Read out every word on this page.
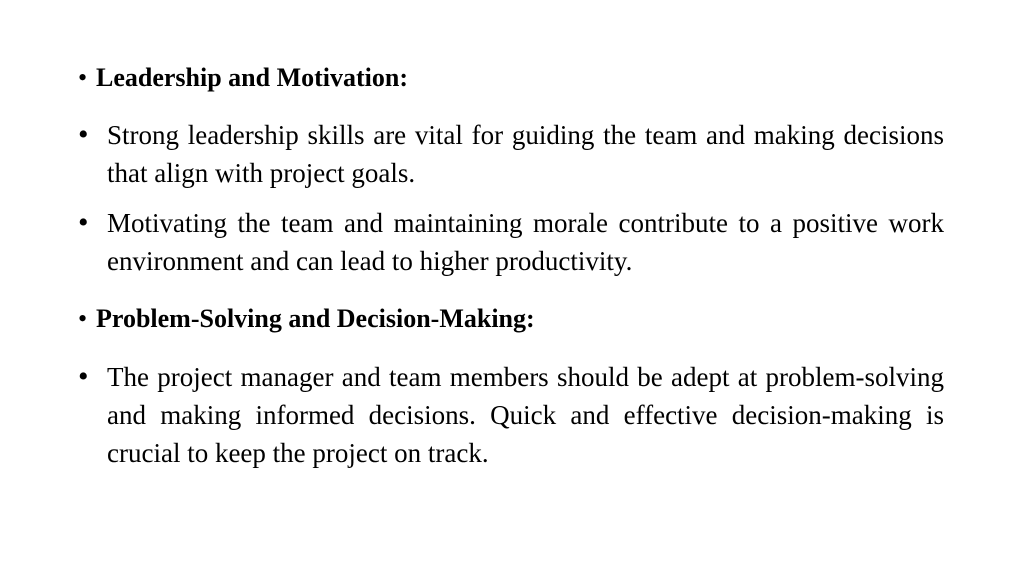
• Leadership and Motivation:
• Strong leadership skills are vital for guiding the team and making decisions that align with project goals.
• Motivating the team and maintaining morale contribute to a positive work environment and can lead to higher productivity.
• Problem-Solving and Decision-Making:
• The project manager and team members should be adept at problem-solving and making informed decisions. Quick and effective decision-making is crucial to keep the project on track.
